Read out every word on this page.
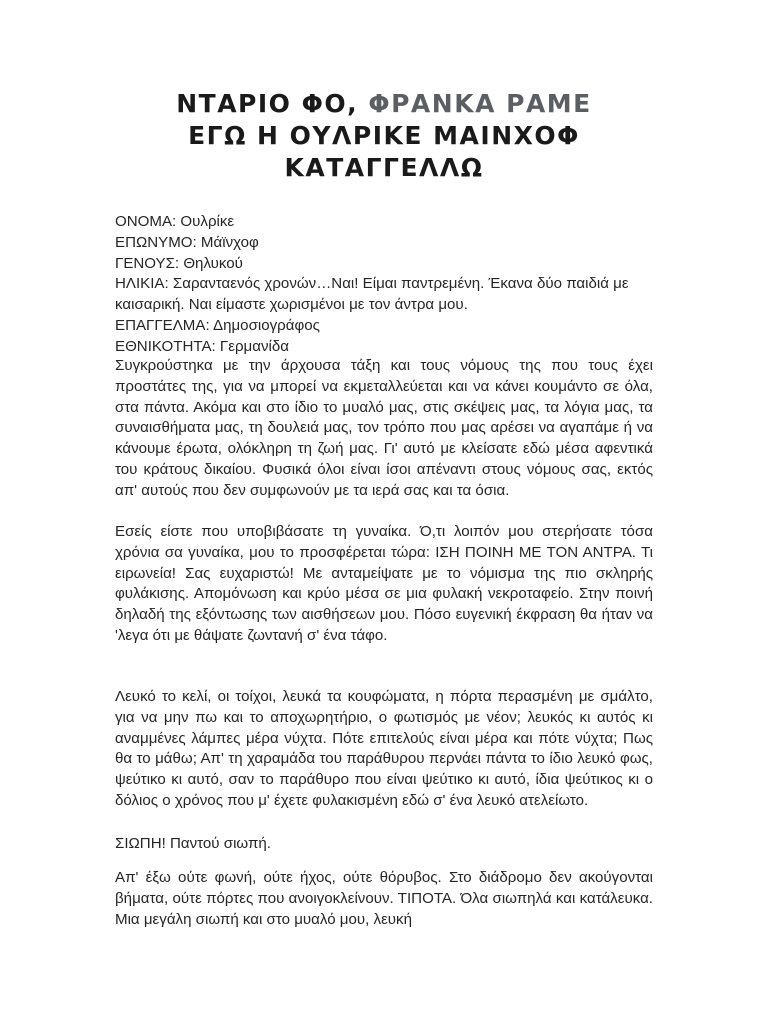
ΝΤΑΡΙΟ ΦΟ, ΦΡΑΝΚΑ ΡΑΜΕ
ΕΓΩ Η ΟΥΛΡΙΚΕ ΜΑΙΝΧΟΦ
ΚΑΤΑΓΓΕΛΛΩ
ΟΝΟΜΑ: Ουλρίκε
ΕΠΩΝΥΜΟ: Μάϊνχοφ
ΓΕΝΟΥΣ: Θηλυκού
ΗΛΙΚΙΑ: Σαρανταενός χρονών…Ναι! Είμαι παντρεμένη. Έκανα δύο παιδιά με καισαρική. Ναι είμαστε χωρισμένοι με τον άντρα μου.
ΕΠΑΓΓΕΛΜΑ: Δημοσιογράφος
ΕΘΝΙΚΟΤΗΤΑ: Γερμανίδα

Συγκρούστηκα με την άρχουσα τάξη και τους νόμους της που τους έχει προστάτες της, για να μπορεί να εκμεταλλεύεται και να κάνει κουμάντο σε όλα, στα πάντα. Ακόμα και στο ίδιο το μυαλό μας, στις σκέψεις μας, τα λόγια μας, τα συναισθήματα μας, τη δουλειά μας, τον τρόπο που μας αρέσει να αγαπάμε ή να κάνουμε έρωτα, ολόκληρη τη ζωή μας. Γι' αυτό με κλείσατε εδώ μέσα αφεντικά του κράτους δικαίου. Φυσικά όλοι είναι ίσοι απέναντι στους νόμους σας, εκτός απ' αυτούς που δεν συμφωνούν με τα ιερά σας και τα όσια.

Εσείς είστε που υποβιβάσατε τη γυναίκα. Ό,τι λοιπόν μου στερήσατε τόσα χρόνια σα γυναίκα, μου το προσφέρεται τώρα: ΙΣΗ ΠΟΙΝΗ ΜΕ ΤΟΝ ΑΝΤΡΑ. Τι ειρωνεία! Σας ευχαριστώ! Με ανταμείψατε με το νόμισμα της πιο σκληρής φυλάκισης. Απομόνωση και κρύο μέσα σε μια φυλακή νεκροταφείο. Στην ποινή δηλαδή της εξόντωσης των αισθήσεων μου. Πόσο ευγενική έκφραση θα ήταν να 'λεγα ότι με θάψατε ζωντανή σ' ένα τάφο.

Λευκό το κελί, οι τοίχοι, λευκά τα κουφώματα, η πόρτα περασμένη με σμάλτο, για να μην πω και το αποχωρητήριο, ο φωτισμός με νέον; λευκός κι αυτός κι αναμμένες λάμπες μέρα νύχτα. Πότε επιτελούς είναι μέρα και πότε νύχτα; Πως θα το μάθω; Απ' τη χαραμάδα του παράθυρου περνάει πάντα το ίδιο λευκό φως, ψεύτικο κι αυτό, σαν το παράθυρο που είναι ψεύτικο κι αυτό, ίδια ψεύτικος κι ο δόλιος ο χρόνος που μ' έχετε φυλακισμένη εδώ σ' ένα λευκό ατελείωτο.

ΣΙΩΠΗ! Παντού σιωπή.

Απ' έξω ούτε φωνή, ούτε ήχος, ούτε θόρυβος. Στο διάδρομο δεν ακούγονται βήματα, ούτε πόρτες που ανοιγοκλείνουν. ΤΙΠΟΤΑ. Όλα σιωπηλά και κατάλευκα. Μια μεγάλη σιωπή και στο μυαλό μου, λευκή
